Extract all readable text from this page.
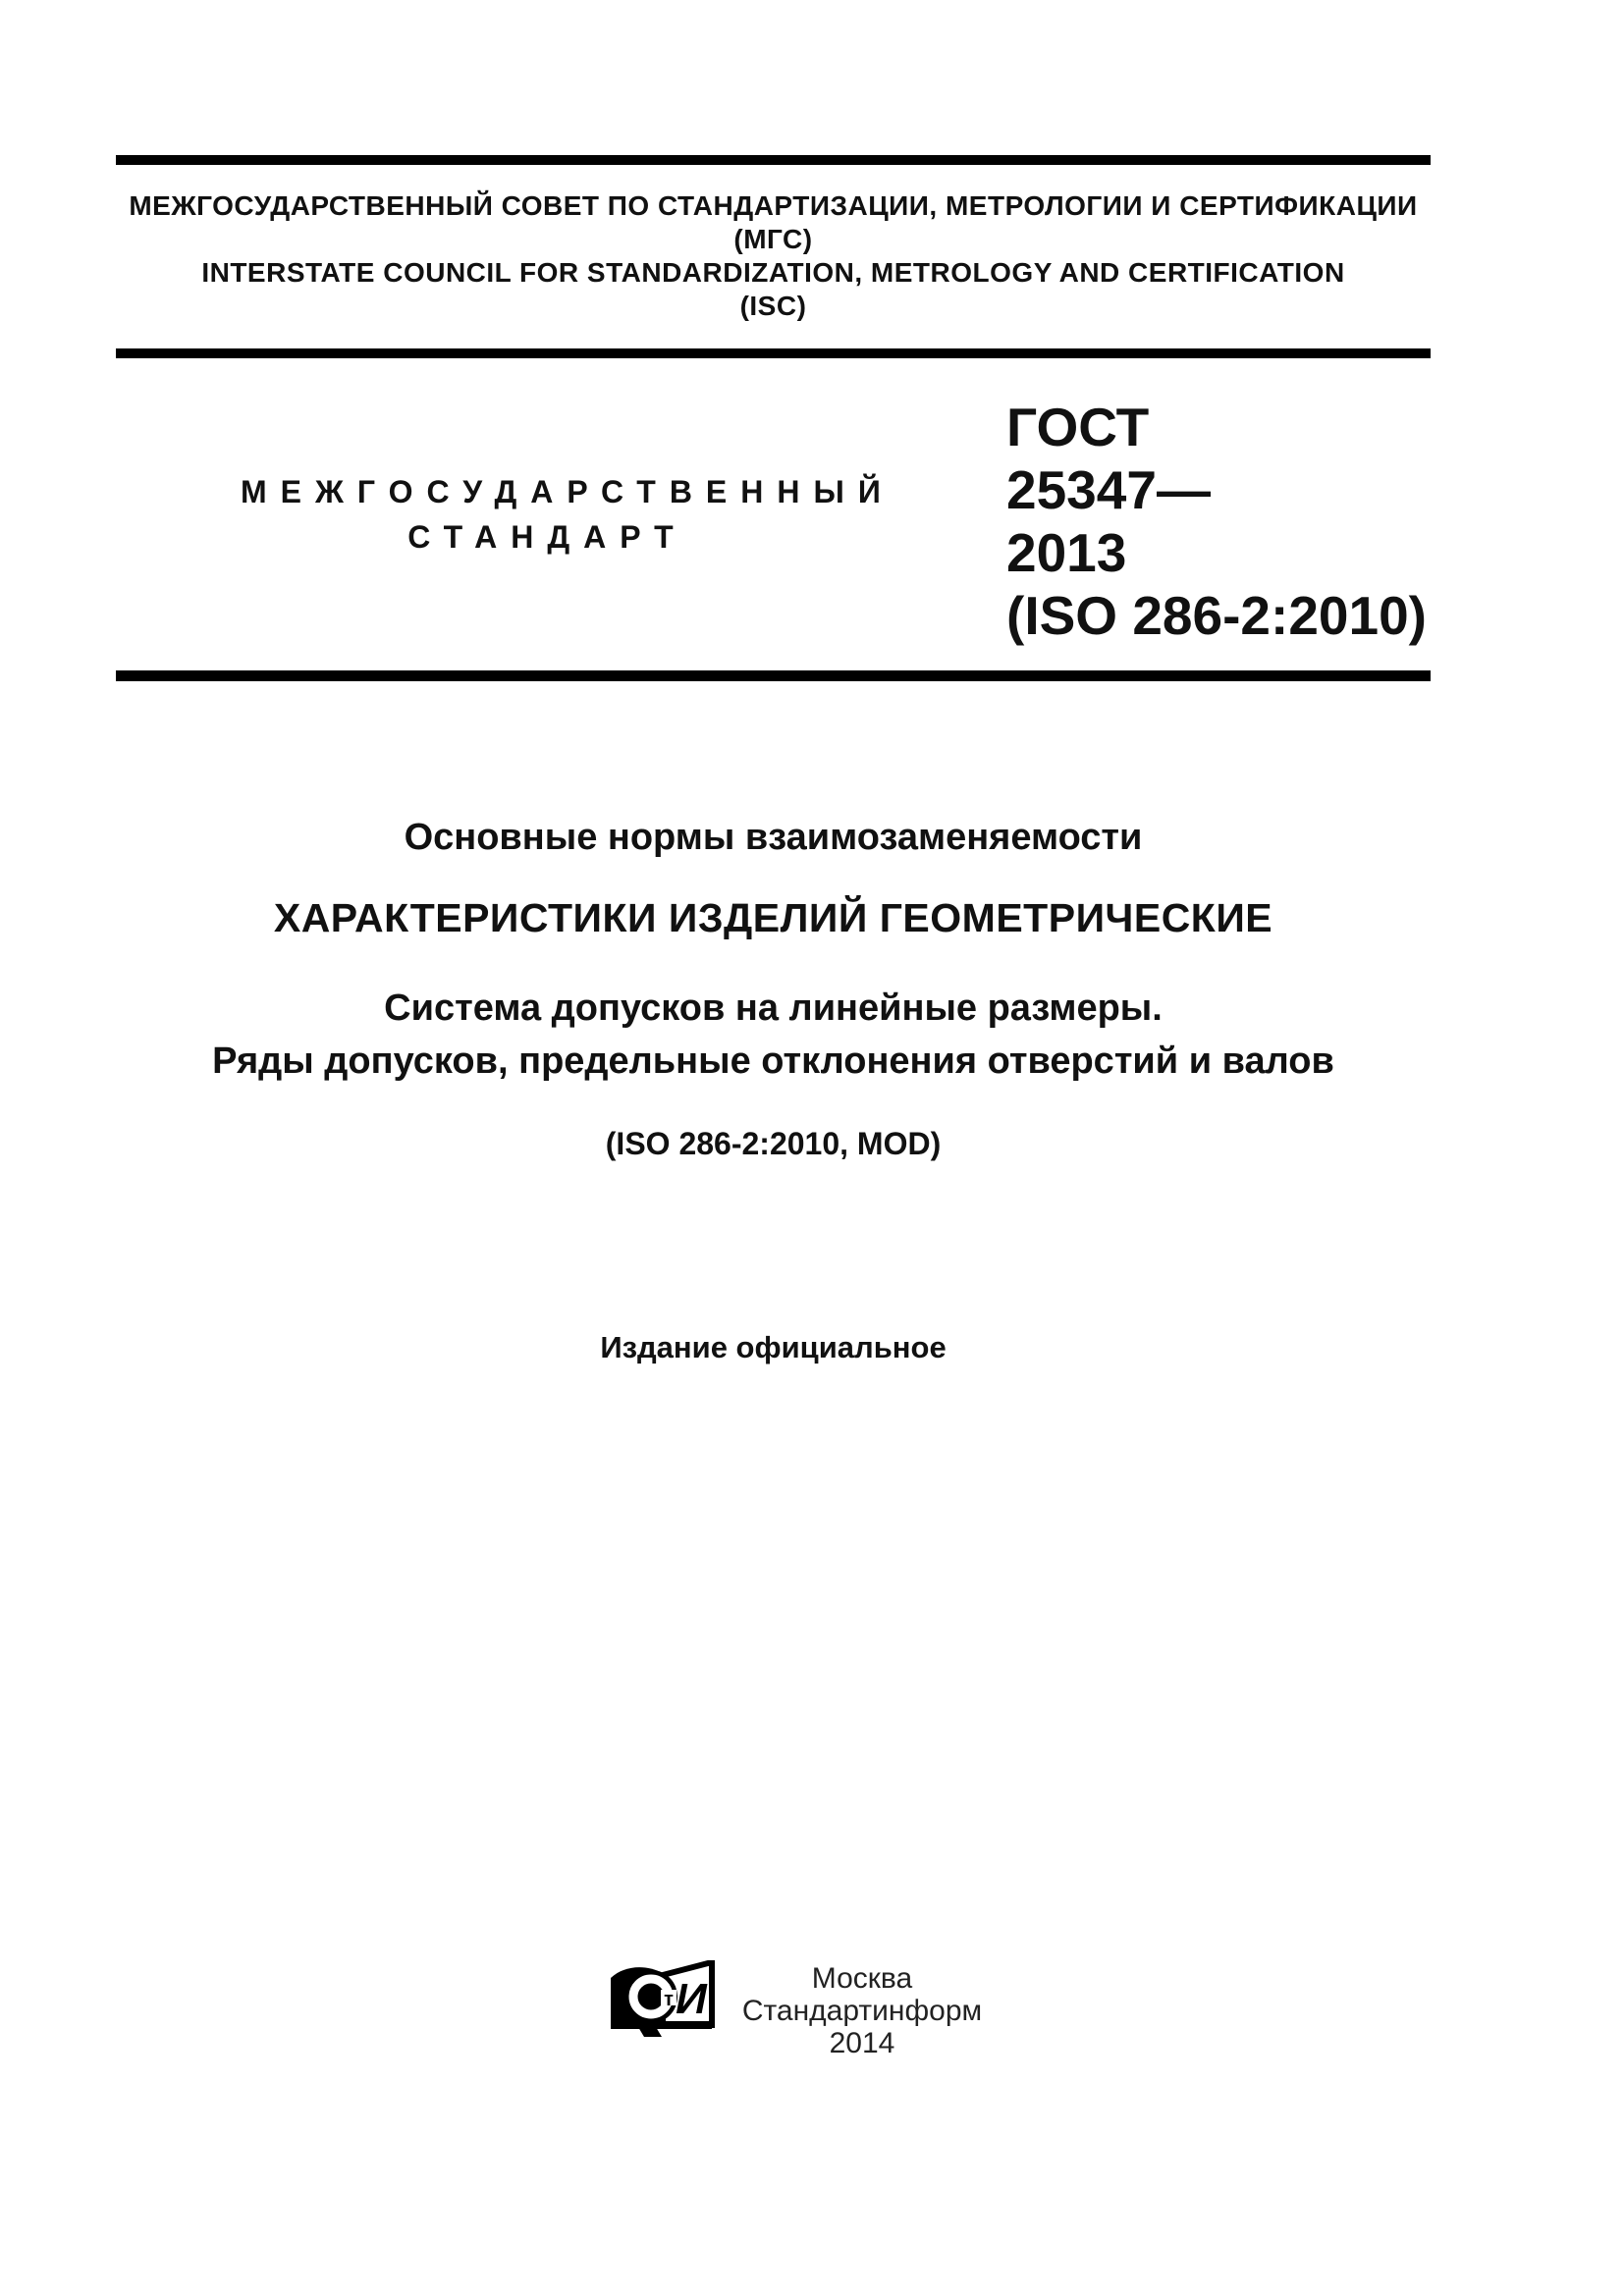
МЕЖГОСУДАРСТВЕННЫЙ СОВЕТ ПО СТАНДАРТИЗАЦИИ, МЕТРОЛОГИИ И СЕРТИФИКАЦИИ
(МГС)
INTERSTATE COUNCIL FOR STANDARDIZATION, METROLOGY AND CERTIFICATION
(ISC)
МЕЖГОСУДАРСТВЕННЫЙ
СТАНДАРТ
ГОСТ
25347—
2013
(ISO 286-2:2010)
Основные нормы взаимозаменяемости
ХАРАКТЕРИСТИКИ ИЗДЕЛИЙ ГЕОМЕТРИЧЕСКИЕ
Система допусков на линейные размеры.
Ряды допусков, предельные отклонения отверстий и валов
(ISO 286-2:2010, MOD)
Издание официальное
т И	Москва
Стандартинформ
2014
